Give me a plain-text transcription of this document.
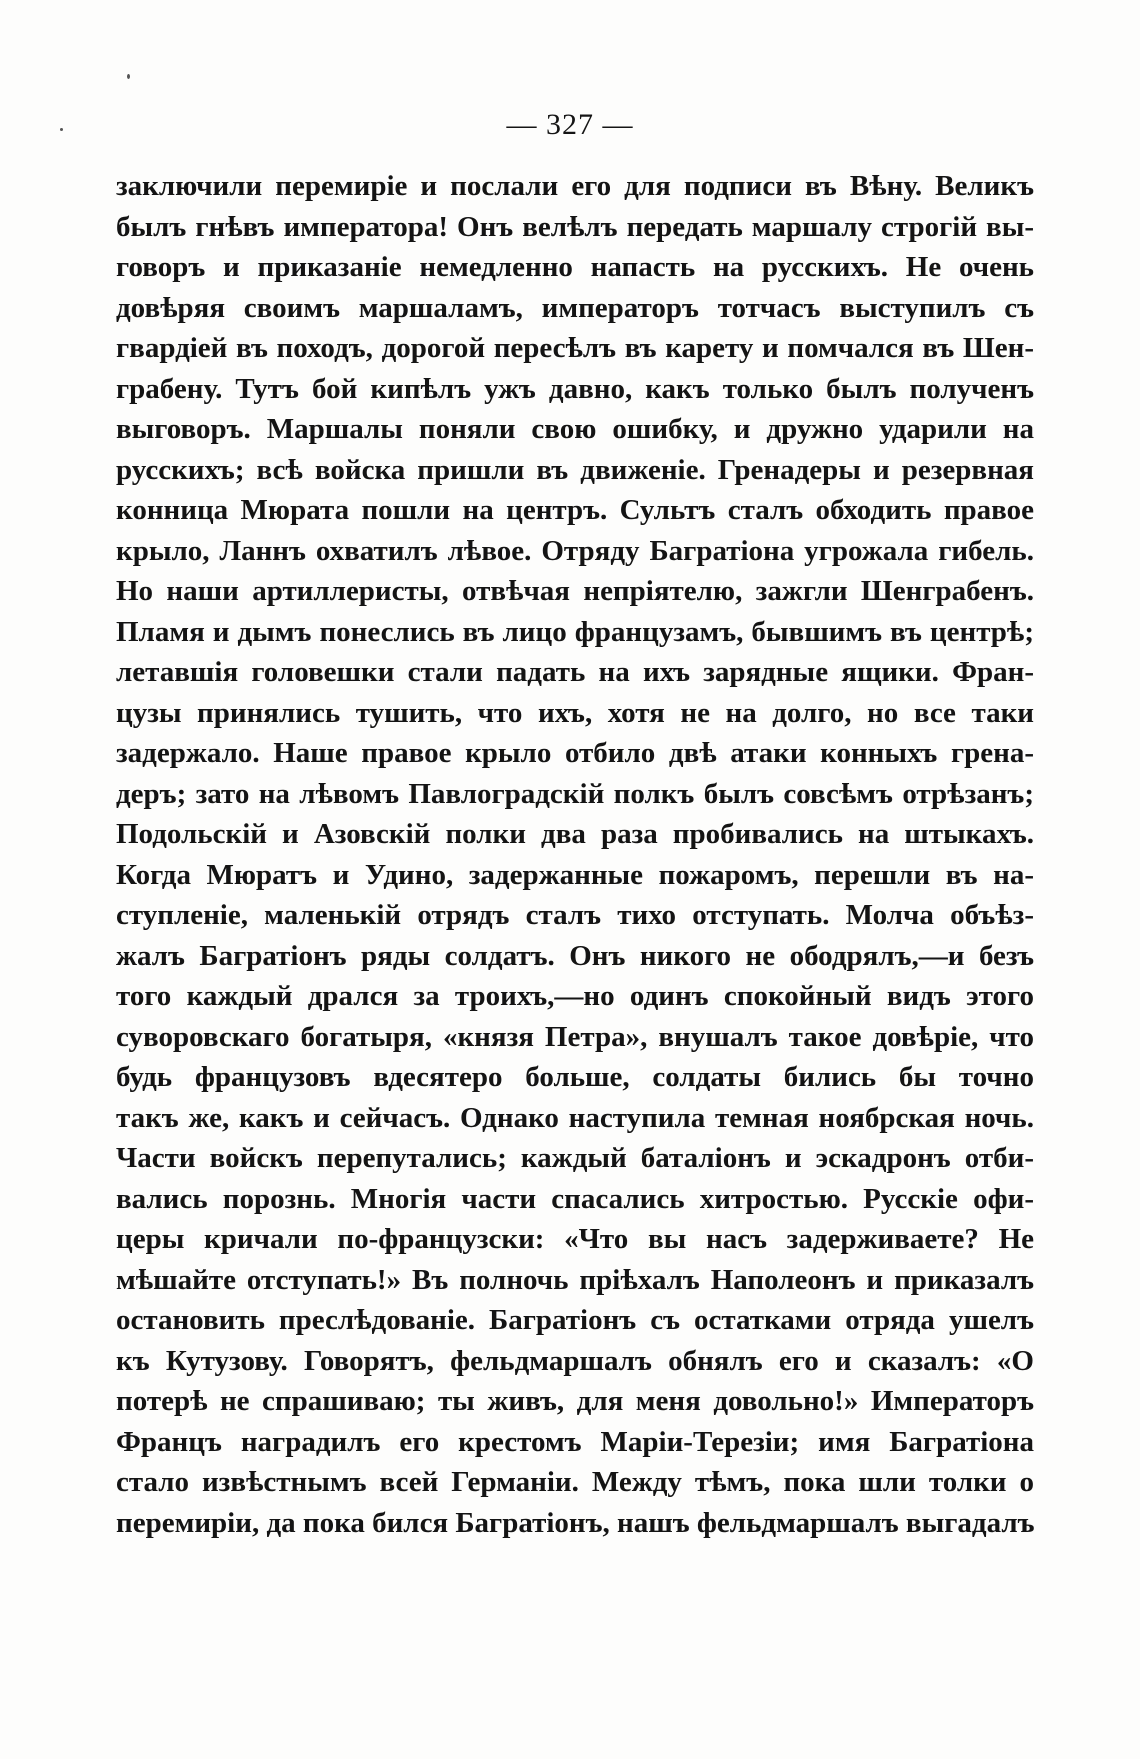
— 327 —
заключили перемиріе и послали его для подписи въ Вѣну. Великъ
былъ гнѣвъ императора! Онъ велѣлъ передать маршалу строгій вы-
говоръ и приказаніе немедленно напасть на русскихъ. Не очень
довѣряя своимъ маршаламъ, императоръ тотчасъ выступилъ съ
гвардіей въ походъ, дорогой пересѣлъ въ карету и помчался въ Шен-
грабену. Тутъ бой кипѣлъ ужъ давно, какъ только былъ полученъ
выговоръ. Маршалы поняли свою ошибку, и дружно ударили на
русскихъ; всѣ войска пришли въ движеніе. Гренадеры и резервная
конница Мюрата пошли на центръ. Сультъ сталъ обходить правое
крыло, Ланнъ охватилъ лѣвое. Отряду Багратіона угрожала гибель.
Но наши артиллеристы, отвѣчая непріятелю, зажгли Шенграбенъ.
Пламя и дымъ понеслись въ лицо французамъ, бывшимъ въ центрѣ;
летавшія головешки стали падать на ихъ зарядные ящики. Фран-
цузы принялись тушить, что ихъ, хотя не на долго, но все таки
задержало. Наше правое крыло отбило двѣ атаки конныхъ грена-
деръ; зато на лѣвомъ Павлоградскій полкъ былъ совсѣмъ отрѣзанъ;
Подольскій и Азовскій полки два раза пробивались на штыкахъ.
Когда Мюратъ и Удино, задержанные пожаромъ, перешли въ на-
ступленіе, маленькій отрядъ сталъ тихо отступать. Молча объѣз-
жалъ Багратіонъ ряды солдатъ. Онъ никого не ободрялъ,—и безъ
того каждый дрался за троихъ,—но одинъ спокойный видъ этого
суворовскаго богатыря, «князя Петра», внушалъ такое довѣріе, что
будь французовъ вдесятеро больше, солдаты бились бы точно
такъ же, какъ и сейчасъ. Однако наступила темная ноябрская ночь.
Части войскъ перепутались; каждый баталіонъ и эскадронъ отби-
вались порознь. Многія части спасались хитростью. Русскіе офи-
церы кричали по-французски: «Что вы насъ задерживаете? Не
мѣшайте отступать!» Въ полночь пріѣхалъ Наполеонъ и приказалъ
остановить преслѣдованіе. Багратіонъ съ остатками отряда ушелъ
къ Кутузову. Говорятъ, фельдмаршалъ обнялъ его и сказалъ: «О
потерѣ не спрашиваю; ты живъ, для меня довольно!» Императоръ
Францъ наградилъ его крестомъ Маріи-Терезіи; имя Багратіона
стало извѣстнымъ всей Германіи. Между тѣмъ, пока шли толки о
перемиріи, да пока бился Багратіонъ, нашъ фельдмаршалъ выгадалъ
